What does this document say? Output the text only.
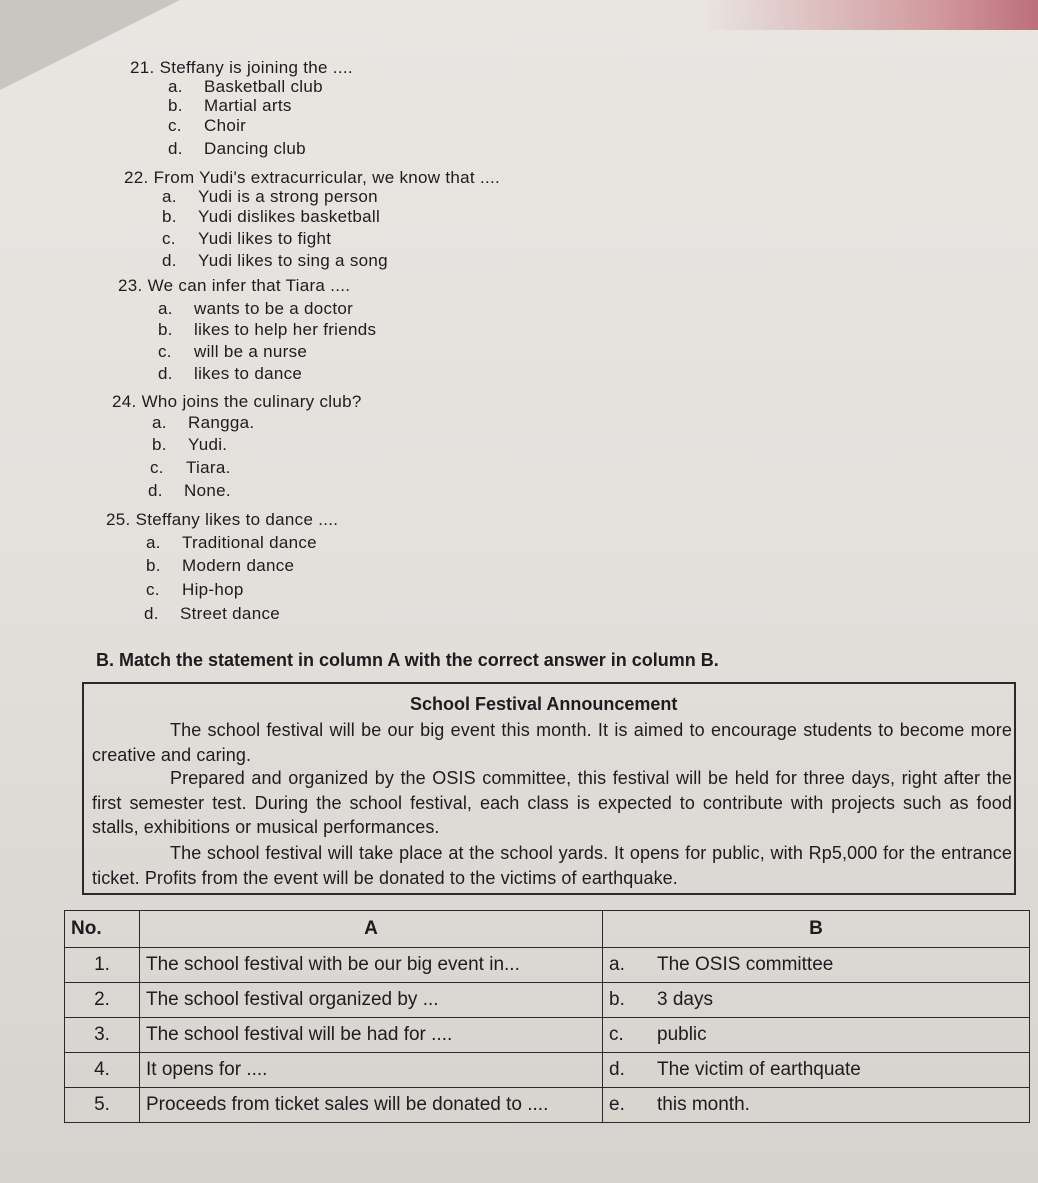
21. Steffany is joining the ....
a. Basketball club
b. Martial arts
c. Choir
d. Dancing club
22. From Yudi's extracurricular, we know that ....
a. Yudi is a strong person
b. Yudi dislikes basketball
c. Yudi likes to fight
d. Yudi likes to sing a song
23. We can infer that Tiara ....
a. wants to be a doctor
b. likes to help her friends
c. will be a nurse
d. likes to dance
24. Who joins the culinary club?
a. Rangga.
b. Yudi.
c. Tiara.
d. None.
25. Steffany likes to dance ....
a. Traditional dance
b. Modern dance
c. Hip-hop
d. Street dance
B. Match the statement in column A with the correct answer in column B.
School Festival Announcement
The school festival will be our big event this month. It is aimed to encourage students to become more creative and caring.
Prepared and organized by the OSIS committee, this festival will be held for three days, right after the first semester test. During the school festival, each class is expected to contribute with projects such as food stalls, exhibitions or musical performances.
The school festival will take place at the school yards. It opens for public, with Rp5,000 for the entrance ticket. Profits from the event will be donated to the victims of earthquake.
No.	A	B	
1.	The school festival with be our big event in...	a.	The OSIS committee
2.	The school festival organized by ...	b.	3 days
3.	The school festival will be had for ....	c.	public
4.	It opens for ....	d.	The victim of earthquate
5.	Proceeds from ticket sales will be donated to ....	e.	this month.
